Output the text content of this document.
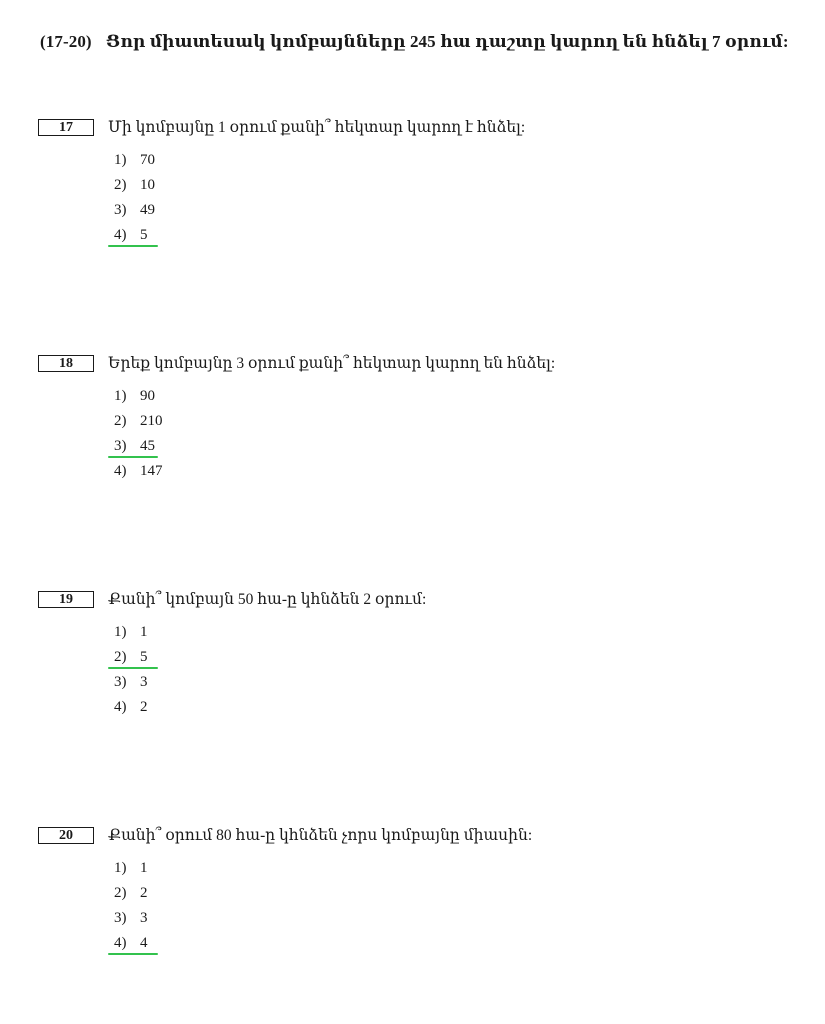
(17-20) Ցոր միատեսակ կոմբայնները 245 հա դաշտը կարող են հնձել 7 օրում:
17	Մի կոմբայնը 1 օրում քանի՞ հեկտար կարող է հնձել:
1) 70
2) 10
3) 49
4) 5
18	Երեք կոմբայնը 3 օրում քանի՞ հեկտար կարող են հնձել:
1) 90
2) 210
3) 45
4) 147
19	Քանի՞ կոմբայն 50 հա-ը կհնձեն 2 օրում:
1) 1
2) 5
3) 3
4) 2
20	Քանի՞ օրում 80 հա-ը կհնձեն չորս կոմբայնը միասին:
1) 1
2) 2
3) 3
4) 4
